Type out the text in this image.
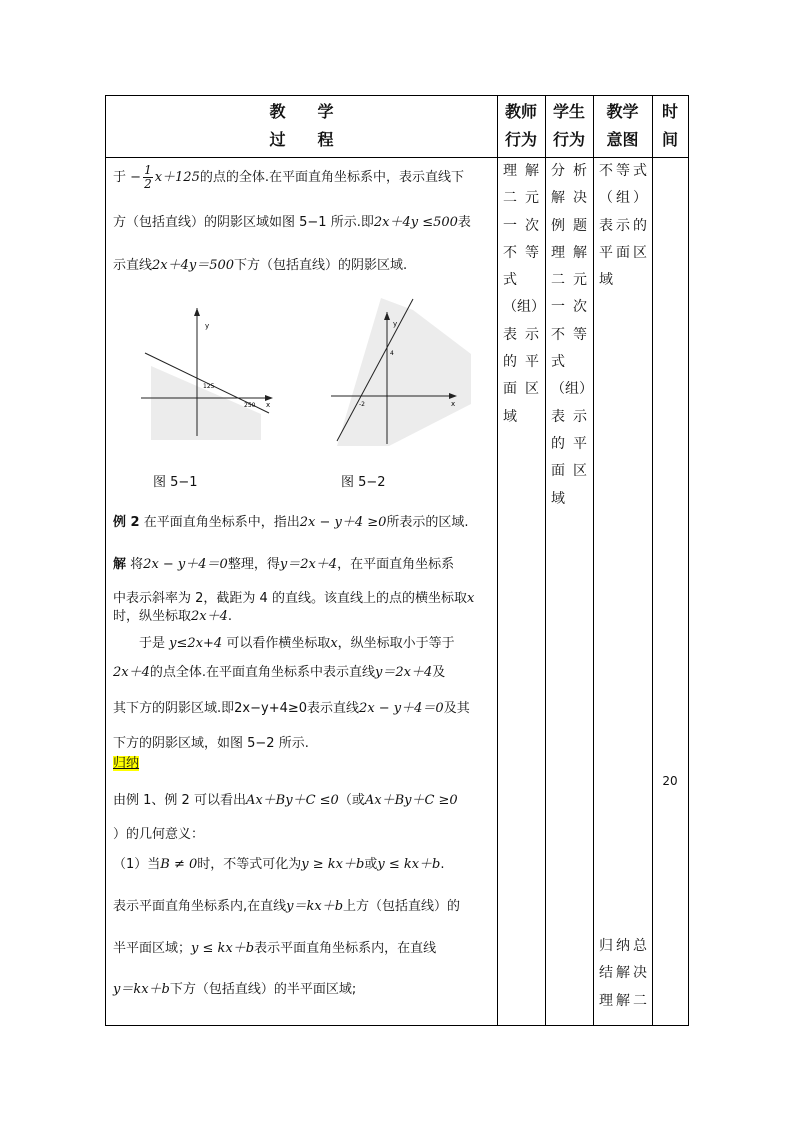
教　　学
过　　程
教师
行为
学生
行为
教学
意图
时
间
理解
二元
一次
不等
式
（组）
表示
的平
面区
域
分析
解决
例题
理解
二元
一次
不等
式
（组）
表示
的平
面区
域
不等式
（组）
表示的
平面区
域
归纳总
结解决
理解二
20
于 − $\frac{1}{2} x+125$的点的全体.在平面直角坐标系中，表示直线下
方（包括直线）的阴影区域如图 5−1 所示.即2x＋4y ≤500表
示直线2x＋4y＝500下方（包括直线）的阴影区域.
y
x
125
250
y
x
4
-2
图 5−1	图 5−2
例 2 在平面直角坐标系中，指出2x − y＋4 ≥0所表示的区域.
解 将2x − y＋4＝0整理，得y＝2x＋4，在平面直角坐标系
中表示斜率为 2，截距为 4 的直线。该直线上的点的横坐标取x
时，纵坐标取2x＋4.
于是 y≤2x+4 可以看作横坐标取x，纵坐标取小于等于
2x＋4的点全体.在平面直角坐标系中表示直线y＝2x＋4及
其下方的阴影区域.即2x−y+4≥0表示直线2x − y＋4＝0及其
下方的阴影区域，如图 5−2 所示.
归纳
由例 1、例 2 可以看出Ax＋By＋C ≤0（或Ax＋By＋C ≥0
）的几何意义：
（1）当B ≠ 0时，不等式可化为y ≥ kx＋b或y ≤ kx＋b.
表示平面直角坐标系内,在直线y＝kx＋b上方（包括直线）的
半平面区域；y ≤ kx＋b表示平面直角坐标系内，在直线
y＝kx＋b下方（包括直线）的半平面区域;
